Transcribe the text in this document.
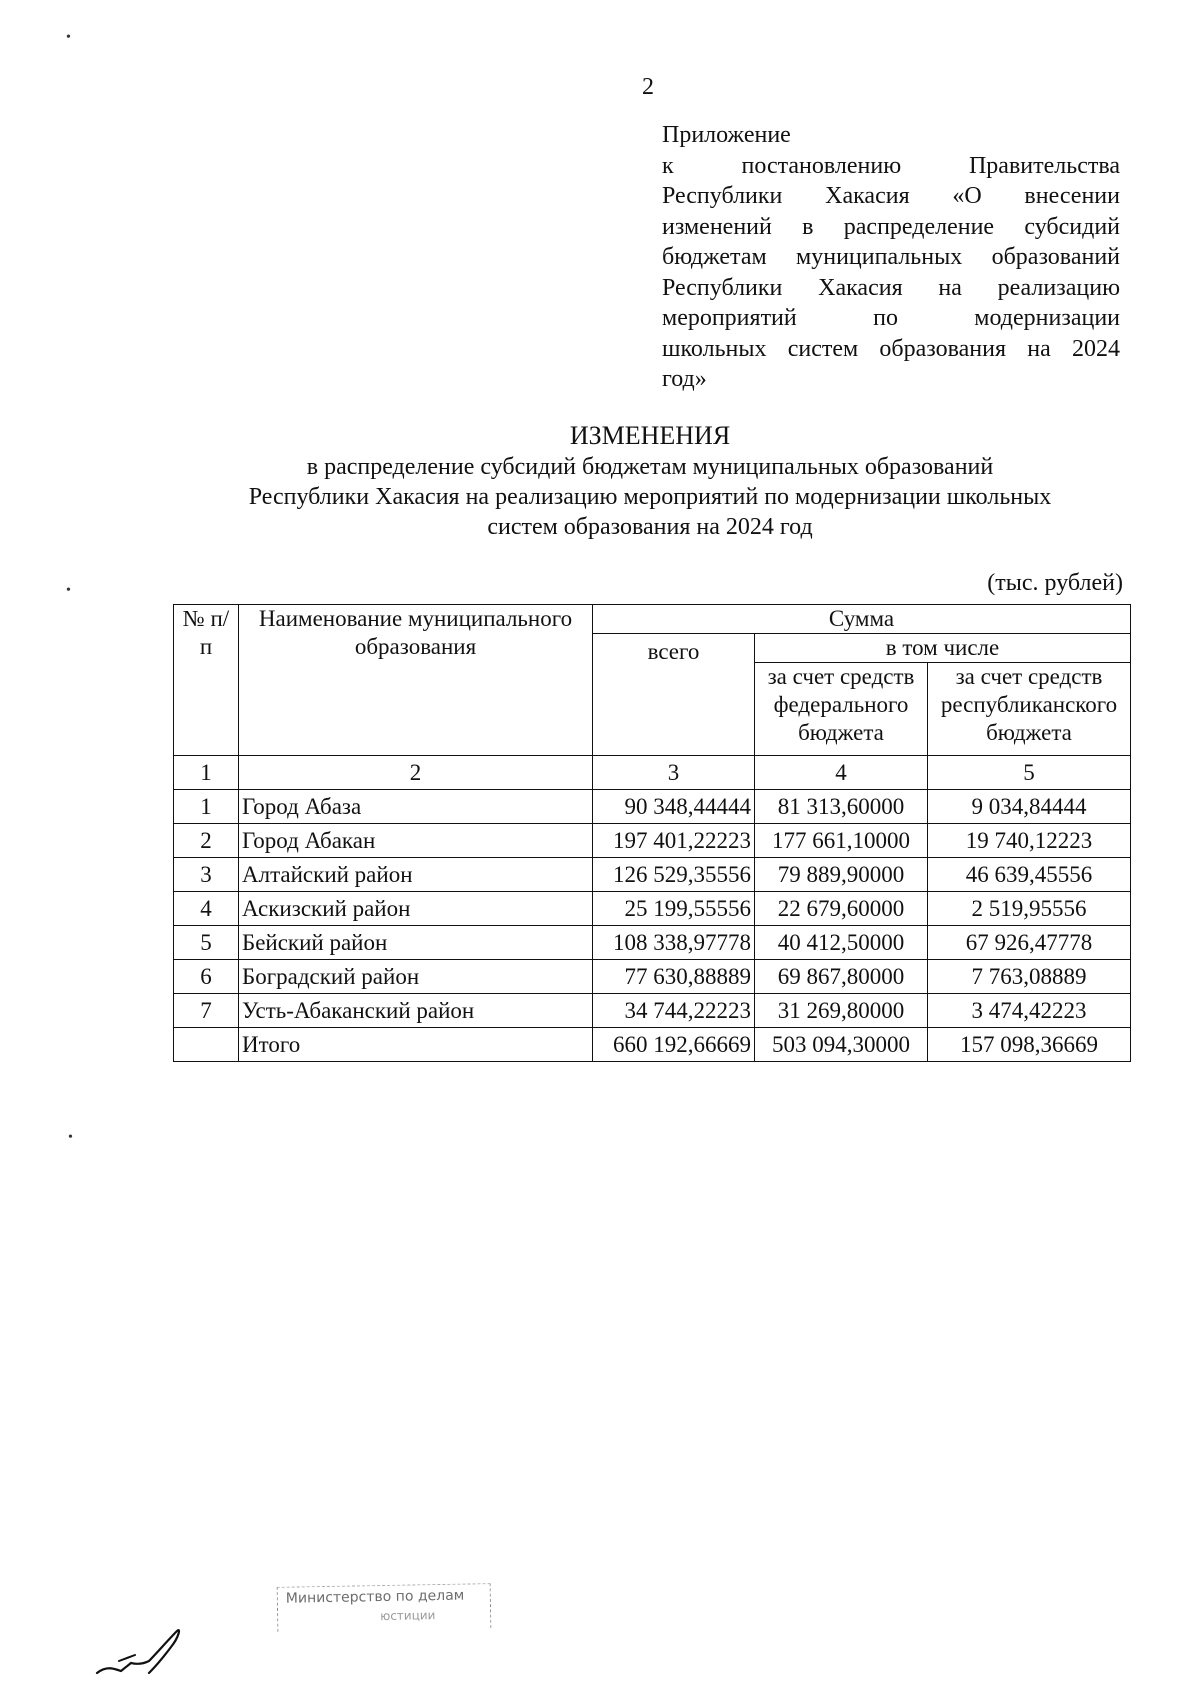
2
Приложение
к постановлению Правительства
Республики Хакасия «О внесении
изменений в распределение субсидий
бюджетам муниципальных образований
Республики Хакасия на реализацию
мероприятий по модернизации
школьных систем образования на 2024
год»
ИЗМЕНЕНИЯ
в распределение субсидий бюджетам муниципальных образований
Республики Хакасия на реализацию мероприятий по модернизации школьных
систем образования на 2024 год
(тыс. рублей)
№ п/п	Наименование муниципального образования	Сумма		
		всего	в том числе	
			за счет средств федерального бюджета	за счет средств республиканского бюджета
1	2	3	4	5
1	Город Абаза	90 348,44444	81 313,60000	9 034,84444
2	Город Абакан	197 401,22223	177 661,10000	19 740,12223
3	Алтайский район	126 529,35556	79 889,90000	46 639,45556
4	Аскизский район	25 199,55556	22 679,60000	2 519,95556
5	Бейский район	108 338,97778	40 412,50000	67 926,47778
6	Боградский район	77 630,88889	69 867,80000	7 763,08889
7	Усть-Абаканский район	34 744,22223	31 269,80000	3 474,42223
	Итого	660 192,66669	503 094,30000	157 098,36669
•
•
•
Министерство по делам
юстиции
